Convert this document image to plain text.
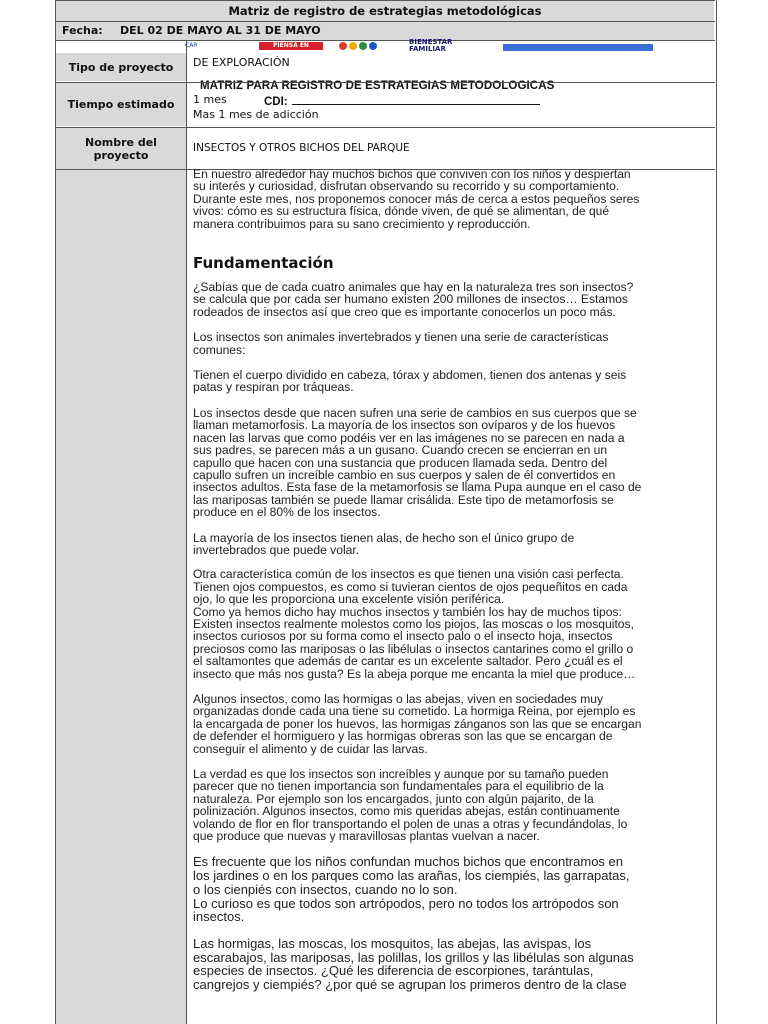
Matriz de registro de estrategias metodológicas
Fecha: DEL 02 DE MAYO AL 31 DE MAYO
CAR	PIENSA EN GRANDE
BIENESTAR
FAMILIAR
Tipo de proyecto	DE EXPLORACIÓN
MATRIZ PARA REGISTRO DE ESTRATEGIAS METODOLOGICAS
Tiempo estimado	1 mes	CDI:
Mas 1 mes de adicción
Nombre del
proyecto
INSECTOS Y OTROS BICHOS DEL PARQUE
En nuestro alrededor hay muchos bichos que conviven con los niños y despiertan
su interés y curiosidad, disfrutan observando su recorrido y su comportamiento.
Durante este mes, nos proponemos conocer más de cerca a estos pequeños seres
vivos: cómo es su estructura física, dónde viven, de qué se alimentan, de qué
manera contribuimos para su sano crecimiento y reproducción.
Fundamentación
¿Sabías que de cada cuatro animales que hay en la naturaleza tres son insectos?
se calcula que por cada ser humano existen 200 millones de insectos… Estamos
rodeados de insectos así que creo que es importante conocerlos un poco más.
Los insectos son animales invertebrados y tienen una serie de características
comunes:
Tienen el cuerpo dividido en cabeza, tórax y abdomen, tienen dos antenas y seis
patas y respiran por tráqueas.
Los insectos desde que nacen sufren una serie de cambios en sus cuerpos que se
llaman metamorfosis. La mayoría de los insectos son ovíparos y de los huevos
nacen las larvas que como podéis ver en las imágenes no se parecen en nada a
sus padres, se parecen más a un gusano. Cuando crecen se encierran en un
capullo que hacen con una sustancia que producen llamada seda. Dentro del
capullo sufren un increíble cambio en sus cuerpos y salen de él convertidos en
insectos adultos. Esta fase de la metamorfosis se llama Pupa aunque en el caso de
las mariposas también se puede llamar crisálida. Este tipo de metamorfosis se
produce en el 80% de los insectos.
La mayoría de los insectos tienen alas, de hecho son el único grupo de
invertebrados que puede volar.
Otra característica común de los insectos es que tienen una visión casi perfecta.
Tienen ojos compuestos, es como si tuvieran cientos de ojos pequeñitos en cada
ojo, lo que les proporciona una excelente visión periférica.
Como ya hemos dicho hay muchos insectos y también los hay de muchos tipos:
Existen insectos realmente molestos como los piojos, las moscas o los mosquitos,
insectos curiosos por su forma como el insecto palo o el insecto hoja, insectos
preciosos como las mariposas o las libélulas o insectos cantarines como el grillo o
el saltamontes que además de cantar es un excelente saltador. Pero ¿cuál es el
insecto que más nos gusta? Es la abeja porque me encanta la miel que produce…
Algunos insectos, como las hormigas o las abejas, viven en sociedades muy
organizadas donde cada una tiene su cometido. La hormiga Reina, por ejemplo es
la encargada de poner los huevos, las hormigas zánganos son las que se encargan
de defender el hormiguero y las hormigas obreras son las que se encargan de
conseguir el alimento y de cuidar las larvas.
La verdad es que los insectos son increíbles y aunque por su tamaño pueden
parecer que no tienen importancia son fundamentales para el equilibrio de la
naturaleza. Por ejemplo son los encargados, junto con algún pajarito, de la
polinización. Algunos insectos, como mis queridas abejas, están continuamente
volando de flor en flor transportando el polen de unas a otras y fecundándolas, lo
que produce que nuevas y maravillosas plantas vuelvan a nacer.
Es frecuente que los niños confundan muchos bichos que encontramos en
los jardines o en los parques como las arañas, los ciempiés, las garrapatas,
o los cienpiés con insectos, cuando no lo son.
Lo curioso es que todos son artrópodos, pero no todos los artrópodos son
insectos.
Las hormigas, las moscas, los mosquitos, las abejas, las avispas, los
escarabajos, las mariposas, las polillas, los grillos y las libélulas son algunas
especies de insectos. ¿Qué les diferencia de escorpiones, tarántulas,
cangrejos y ciempiés? ¿por qué se agrupan los primeros dentro de la clase
